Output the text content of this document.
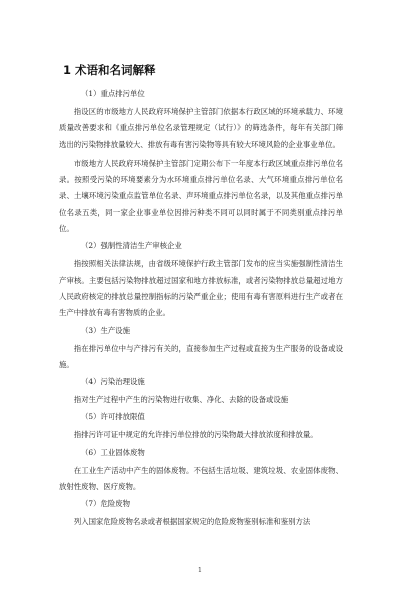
1 术语和名词解释
（1）重点排污单位

指设区的市级地方人民政府环境保护主管部门依据本行政区域的环境承载力、环境质量改善要求和《重点排污单位名录管理规定（试行）》的筛选条件，每年有关部门筛选出的污染物排放量较大、排放有毒有害污染物等具有较大环境风险的企业事业单位。

市级地方人民政府环境保护主管部门定期公布下一年度本行政区域重点排污单位名录。按照受污染的环境要素分为水环境重点排污单位名录、大气环境重点排污单位名录、土壤环境污染重点监管单位名录、声环境重点排污单位名录，以及其他重点排污单位名录五类，同一家企业事业单位因排污种类不同可以同时属于不同类别重点排污单位。

（2）强制性清洁生产审核企业

指按照相关法律法规，由省级环境保护行政主管部门发布的应当实施强制性清洁生产审核。主要包括污染物排放超过国家和地方排放标准，或者污染物排放总量超过地方人民政府核定的排放总量控制指标的污染严重企业；使用有毒有害原料进行生产或者在生产中排放有毒有害物质的企业。

（3）生产设施

指在排污单位中与产排污有关的，直接参加生产过程或直接为生产服务的设备或设施。

（4）污染治理设施

指对生产过程中产生的污染物进行收集、净化、去除的设备或设施

（5）许可排放限值

指排污许可证中规定的允许排污单位排放的污染物最大排放浓度和排放量。

（6）工业固体废物

在工业生产活动中产生的固体废物。不包括生活垃圾、建筑垃圾、农业固体废物、放射性废物、医疗废物。

（7）危险废物

列入国家危险废物名录或者根据国家规定的危险废物鉴别标准和鉴别方法

1
